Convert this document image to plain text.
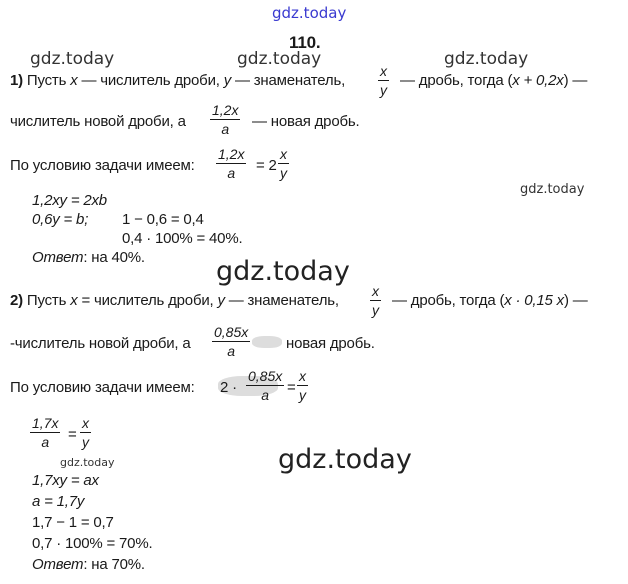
gdz.today
gdz.today	gdz.today	gdz.today
gdz.today
gdz.today
gdz.today
gdz.today
110.
1) Пусть x — числитель дроби, y — знаменатель,
x
y
— дробь, тогда (x + 0,2x) —
числитель новой дроби, а
1,2x
a	— новая дробь.
По условию задачи имеем:
1,2x
a	= 2
x
y
1,2xy = 2xb
0,6y = b; 1 − 0,6 = 0,4
0,4 · 100% = 40%.
Ответ: на 40%.
2) Пусть x = числитель дроби, y — знаменатель,
x
y
— дробь, тогда (x · 0,15 x) —
-числитель новой дроби, а
0,85x
a	новая дробь.
По условию задачи имеем: 2 ·
0,85x
a	=
x
y
1,7x
a	=
x
y
1,7xy = ax
a = 1,7y
1,7 − 1 = 0,7
0,7 · 100% = 70%.
Ответ: на 70%.
